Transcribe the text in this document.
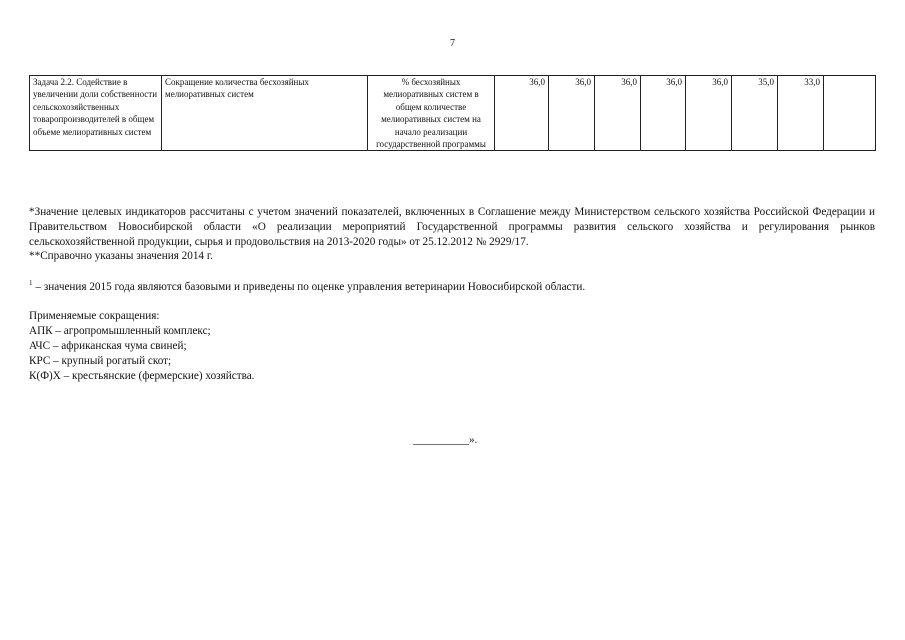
7
Задача 2.2. Содействие в увеличении доли собственности сельскохозяйственных товаропроизводителей в общем объеме мелиоративных систем	Сокращение количества бесхозяйных мелиоративных систем	% бесхозяйных мелиоративных систем в общем количестве мелиоративных систем на начало реализации государственной программы	36,0	36,0	36,0	36,0	36,0	35,0	33,0	

*Значение целевых индикаторов рассчитаны с учетом значений показателей, включенных в Соглашение между Министерством сельского хозяйства Российской Федерации и Правительством Новосибирской области «О реализации мероприятий Государственной программы развития сельского хозяйства и регулирования рынков сельскохозяйственной продукции, сырья и продовольствия на 2013-2020 годы» от 25.12.2012 № 2929/17.

**Справочно указаны значения 2014 г.

$^1$ – значения 2015 года являются базовыми и приведены по оценке управления ветеринарии Новосибирской области.

Применяемые сокращения:

АПК – агропромышленный комплекс;

АЧС – африканская чума свиней;

КРС – крупный рогатый скот;

К(Ф)Х – крестьянские (фермерские) хозяйства.

__________».
